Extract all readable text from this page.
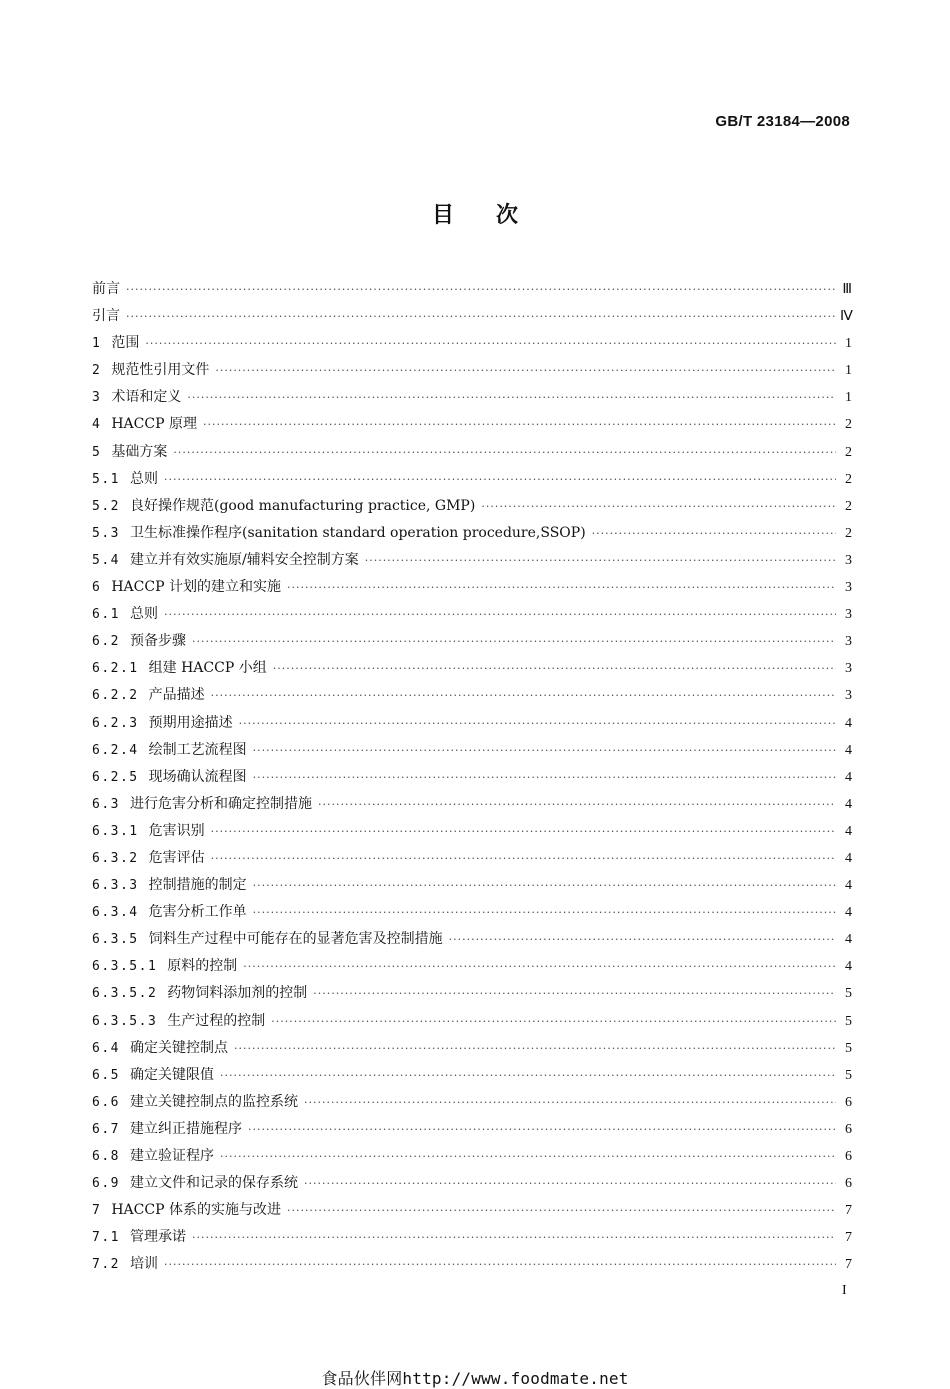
GB/T 23184—2008
目次
前言 ·····	Ⅲ
引言 ·····	Ⅳ
1 范围 ·····	1
2 规范性引用文件 ·····	1
3 术语和定义 ·····	1
4 HACCP 原理 ·····	2
5 基础方案 ·····	2
5.1 总则 ·····	2
5.2 良好操作规范(good manufacturing practice, GMP) ·····	2
5.3 卫生标准操作程序(sanitation standard operation procedure,SSOP) ·····	2
5.4 建立并有效实施原/辅料安全控制方案 ·····	3
6 HACCP 计划的建立和实施 ·····	3
6.1 总则 ·····	3
6.2 预备步骤 ·····	3
6.2.1 组建 HACCP 小组 ·····	3
6.2.2 产品描述 ·····	3
6.2.3 预期用途描述 ·····	4
6.2.4 绘制工艺流程图 ·····	4
6.2.5 现场确认流程图 ·····	4
6.3 进行危害分析和确定控制措施 ·····	4
6.3.1 危害识别 ·····	4
6.3.2 危害评估 ·····	4
6.3.3 控制措施的制定 ·····	4
6.3.4 危害分析工作单 ·····	4
6.3.5 饲料生产过程中可能存在的显著危害及控制措施 ·····	4
6.3.5.1 原料的控制 ·····	4
6.3.5.2 药物饲料添加剂的控制 ·····	5
6.3.5.3 生产过程的控制 ·····	5
6.4 确定关键控制点 ·····	5
6.5 确定关键限值 ·····	5
6.6 建立关键控制点的监控系统 ·····	6
6.7 建立纠正措施程序 ·····	6
6.8 建立验证程序 ·····	6
6.9 建立文件和记录的保存系统 ·····	6
7 HACCP 体系的实施与改进 ·····	7
7.1 管理承诺 ·····	7
7.2 培训 ·····	7
I
食品伙伴网http://www.foodmate.net
